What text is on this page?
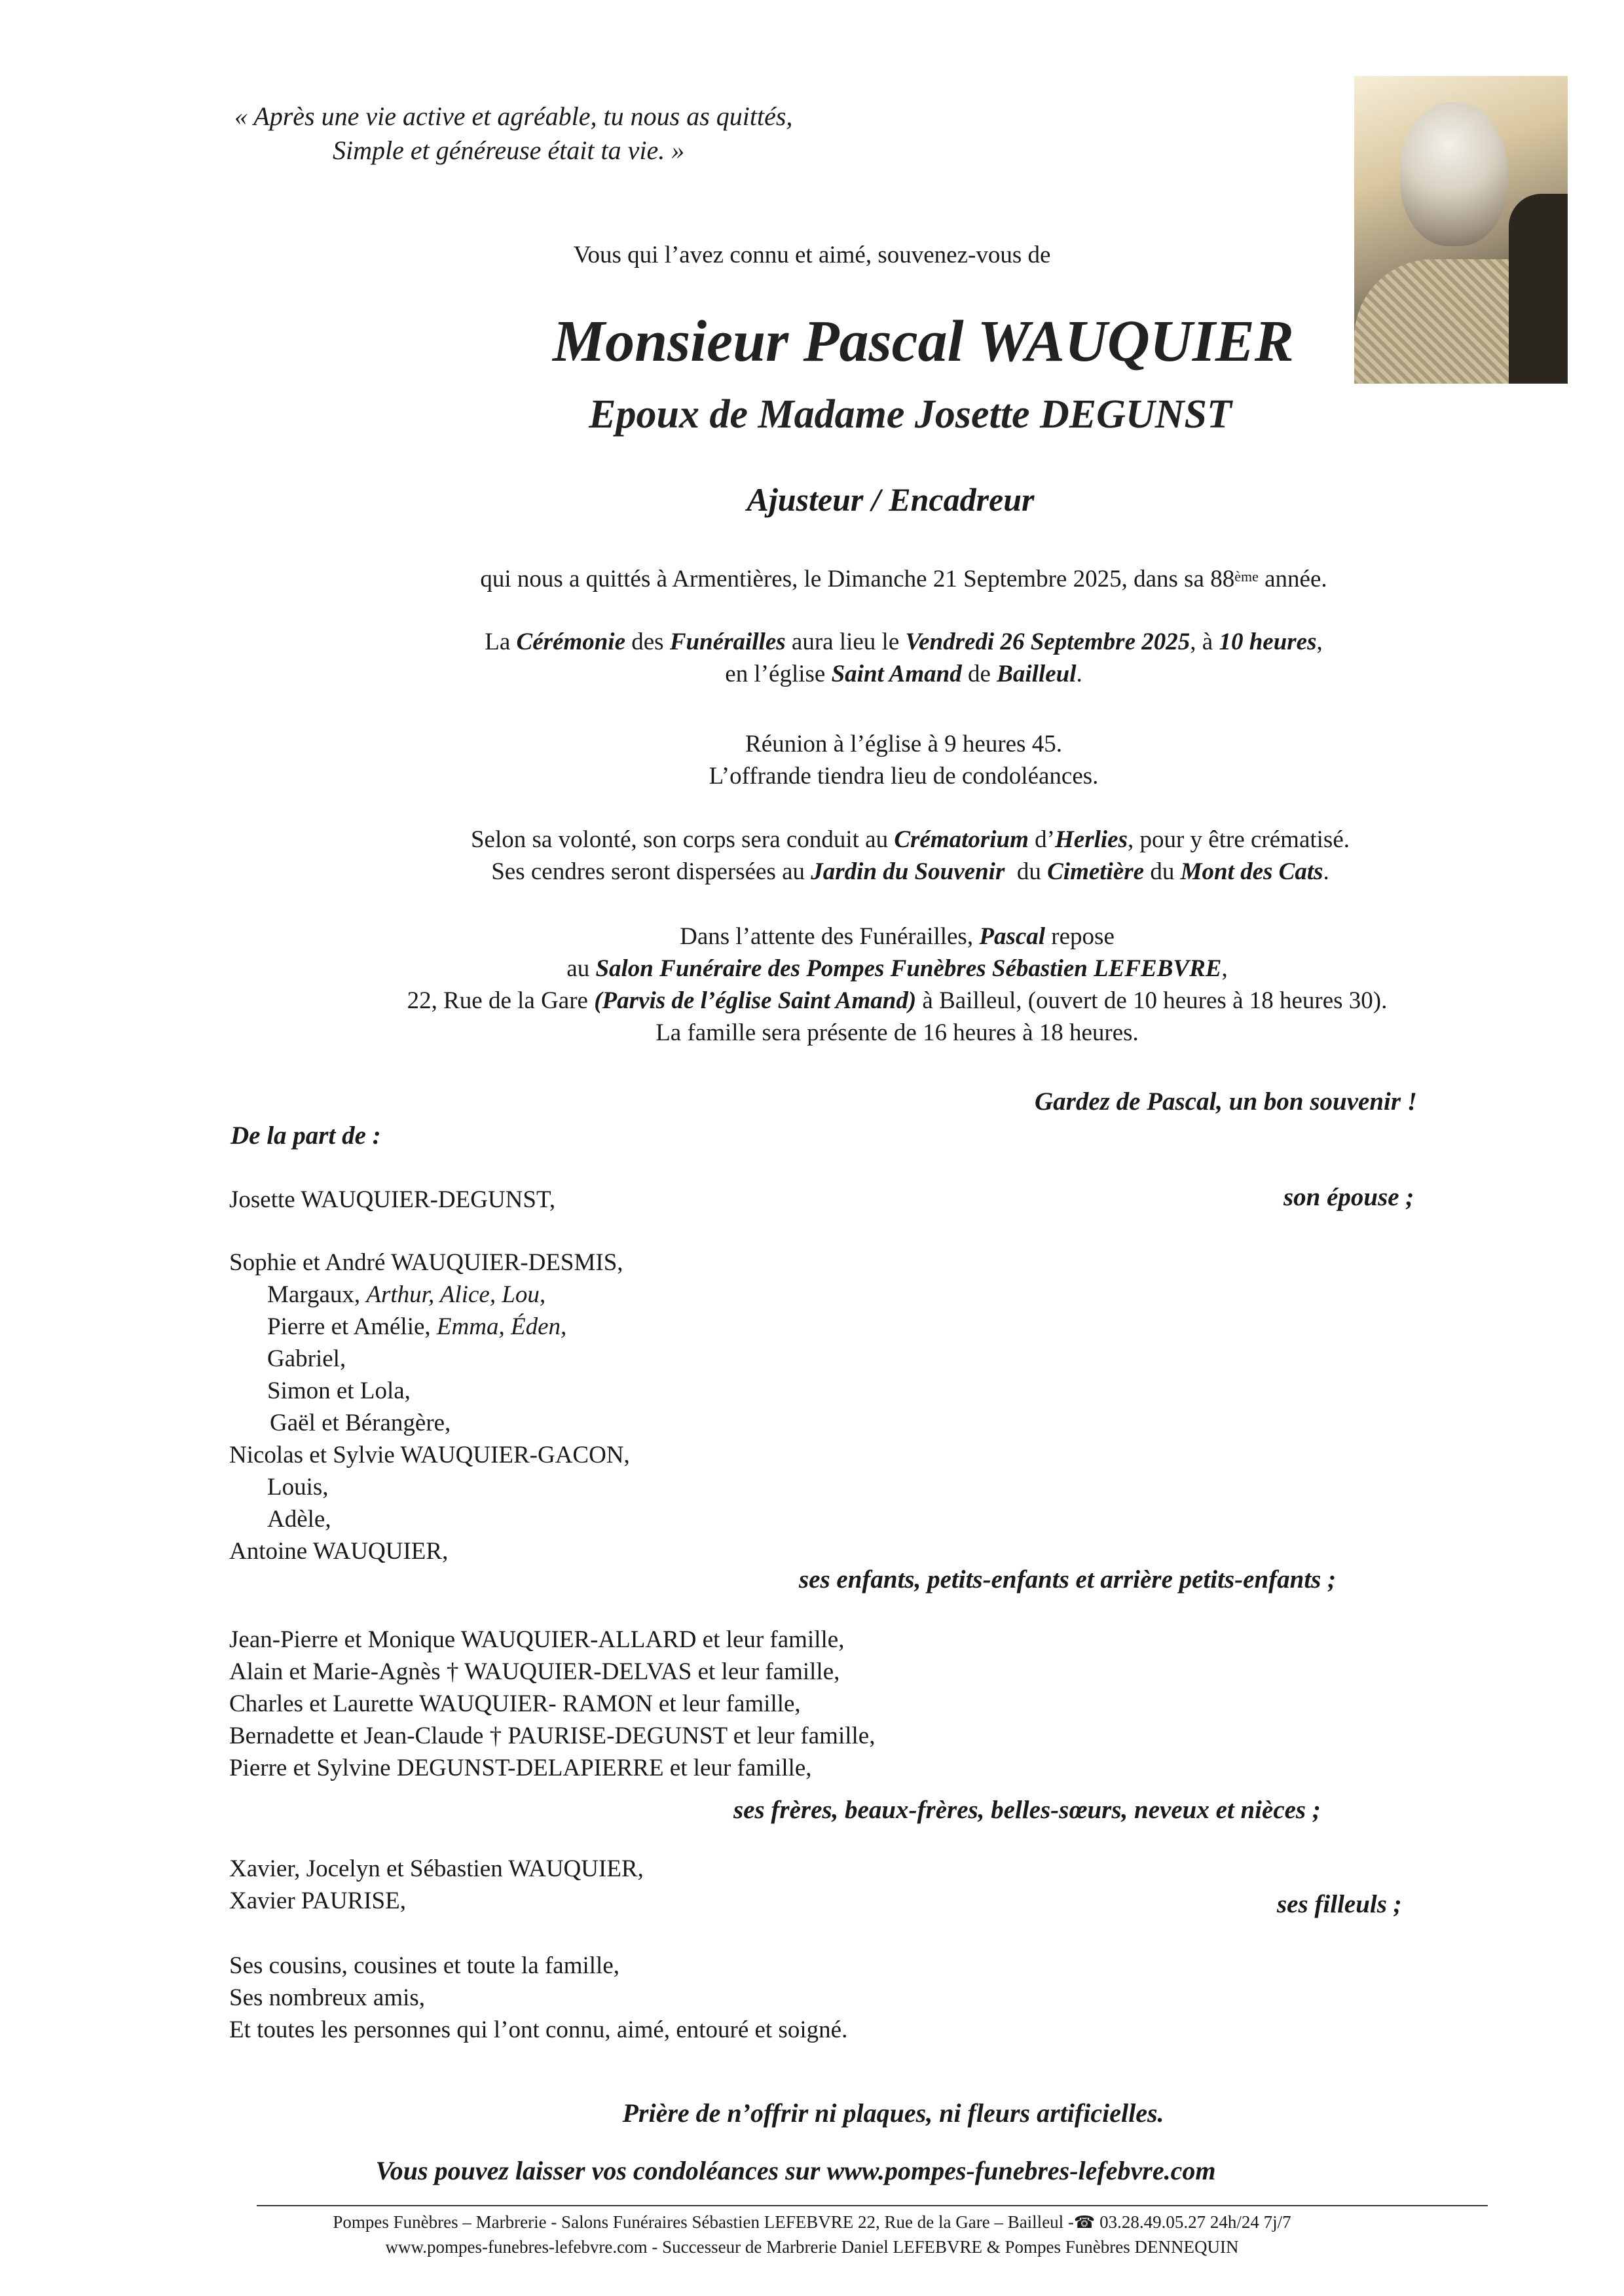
« Après une vie active et agréable, tu nous as quittés,
Simple et généreuse était ta vie. »
Vous qui l’avez connu et aimé, souvenez-vous de
Monsieur Pascal WAUQUIER
Epoux de Madame Josette DEGUNST
Ajusteur / Encadreur
qui nous a quittés à Armentières, le Dimanche 21 Septembre 2025, dans sa 88ème année.
La Cérémonie des Funérailles aura lieu le Vendredi 26 Septembre 2025, à 10 heures,
en l’église Saint Amand de Bailleul.
Réunion à l’église à 9 heures 45.
L’offrande tiendra lieu de condoléances.
Selon sa volonté, son corps sera conduit au Crématorium d’Herlies, pour y être crématisé.
Ses cendres seront dispersées au Jardin du Souvenir  du Cimetière du Mont des Cats.
Dans l’attente des Funérailles, Pascal repose
au Salon Funéraire des Pompes Funèbres Sébastien LEFEBVRE,
22, Rue de la Gare (Parvis de l’église Saint Amand) à Bailleul, (ouvert de 10 heures à 18 heures 30).
La famille sera présente de 16 heures à 18 heures.
Gardez de Pascal, un bon souvenir !
De la part de :
Josette WAUQUIER-DEGUNST,	son épouse ;
Sophie et André WAUQUIER-DESMIS,
Margaux, Arthur, Alice, Lou,
Pierre et Amélie, Emma, Éden,
Gabriel,
Simon et Lola,
Gaël et Bérangère,
Nicolas et Sylvie WAUQUIER-GACON,
Louis,
Adèle,
Antoine WAUQUIER,
ses enfants, petits-enfants et arrière petits-enfants ;
Jean-Pierre et Monique WAUQUIER-ALLARD et leur famille,
Alain et Marie-Agnès † WAUQUIER-DELVAS et leur famille,
Charles et Laurette WAUQUIER- RAMON et leur famille,
Bernadette et Jean-Claude † PAURISE-DEGUNST et leur famille,
Pierre et Sylvine DEGUNST-DELAPIERRE et leur famille,
ses frères, beaux-frères, belles-sœurs, neveux et nièces ;
Xavier, Jocelyn et Sébastien WAUQUIER,
Xavier PAURISE,	ses filleuls ;
Ses cousins, cousines et toute la famille,
Ses nombreux amis,
Et toutes les personnes qui l’ont connu, aimé, entouré et soigné.
Prière de n’offrir ni plaques, ni fleurs artificielles.
Vous pouvez laisser vos condoléances sur www.pompes-funebres-lefebvre.com
Pompes Funèbres – Marbrerie - Salons Funéraires Sébastien LEFEBVRE 22, Rue de la Gare – Bailleul -☎ 03.28.49.05.27 24h/24 7j/7
www.pompes-funebres-lefebvre.com - Successeur de Marbrerie Daniel LEFEBVRE & Pompes Funèbres DENNEQUIN
